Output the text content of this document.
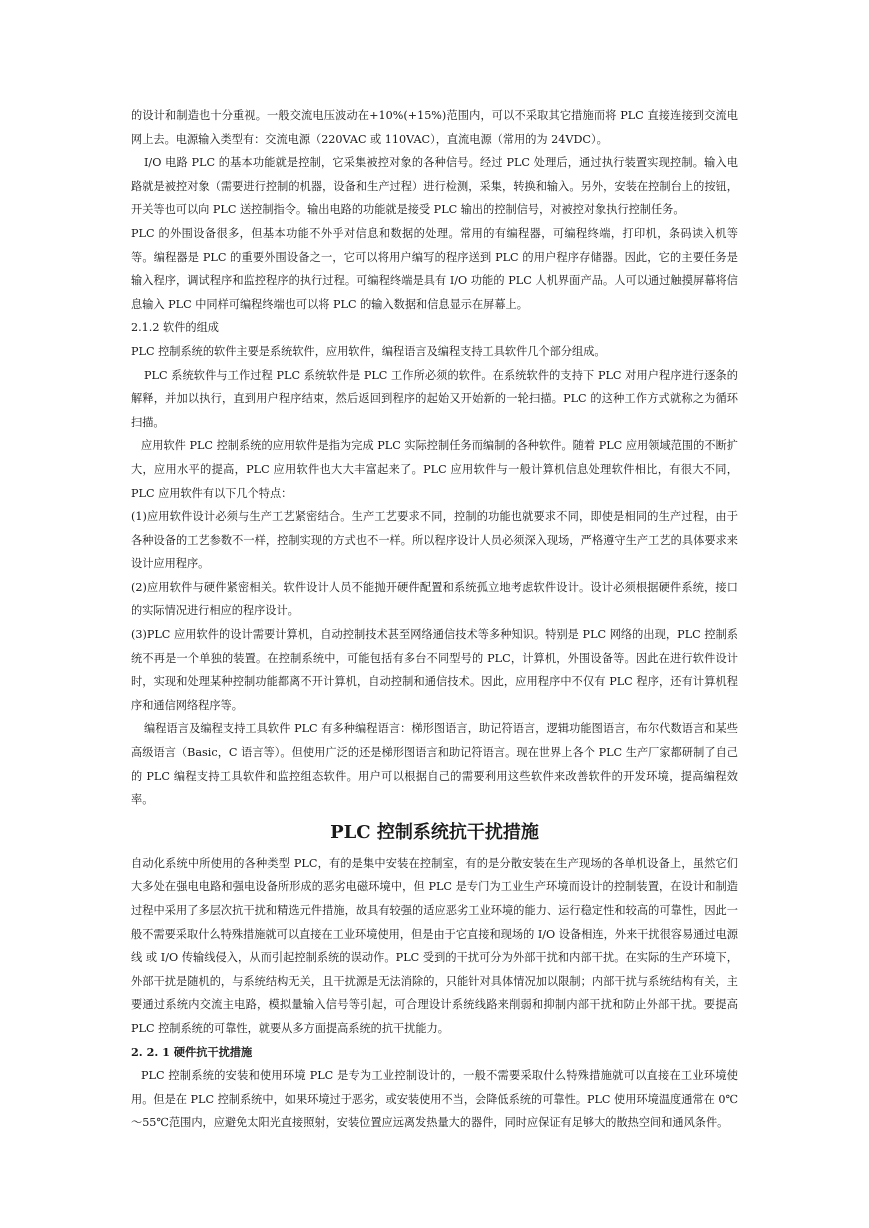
的设计和制造也十分重视。一般交流电压波动在+10%(+15%)范围内，可以不采取其它措施而将 PLC 直接连接到交流电网上去。电源输入类型有：交流电源（220VAC 或 110VAC），直流电源（常用的为 24VDC）。

I/O 电路 PLC 的基本功能就是控制，它采集被控对象的各种信号。经过 PLC 处理后，通过执行装置实现控制。输入电路就是被控对象（需要进行控制的机器，设备和生产过程）进行检测，采集，转换和输入。另外，安装在控制台上的按钮，开关等也可以向 PLC 送控制指令。输出电路的功能就是接受 PLC 输出的控制信号，对被控对象执行控制任务。

PLC 的外围设备很多，但基本功能不外乎对信息和数据的处理。常用的有编程器，可编程终端，打印机，条码读入机等等。编程器是 PLC 的重要外围设备之一，它可以将用户编写的程序送到 PLC 的用户程序存储器。因此，它的主要任务是输入程序，调试程序和监控程序的执行过程。可编程终端是具有 I/O 功能的 PLC 人机界面产品。人可以通过触摸屏幕将信息输入 PLC 中同样可编程终端也可以将 PLC 的输入数据和信息显示在屏幕上。

2.1.2 软件的组成

PLC 控制系统的软件主要是系统软件，应用软件，编程语言及编程支持工具软件几个部分组成。

PLC 系统软件与工作过程 PLC 系统软件是 PLC 工作所必须的软件。在系统软件的支持下 PLC 对用户程序进行逐条的解释，并加以执行，直到用户程序结束，然后返回到程序的起始又开始新的一轮扫描。PLC 的这种工作方式就称之为循环扫描。

应用软件 PLC 控制系统的应用软件是指为完成 PLC 实际控制任务而编制的各种软件。随着 PLC 应用领域范围的不断扩大，应用水平的提高，PLC 应用软件也大大丰富起来了。PLC 应用软件与一般计算机信息处理软件相比，有很大不同，PLC 应用软件有以下几个特点：

(1)应用软件设计必须与生产工艺紧密结合。生产工艺要求不同，控制的功能也就要求不同，即使是相同的生产过程，由于各种设备的工艺参数不一样，控制实现的方式也不一样。所以程序设计人员必须深入现场，严格遵守生产工艺的具体要求来设计应用程序。

(2)应用软件与硬件紧密相关。软件设计人员不能抛开硬件配置和系统孤立地考虑软件设计。设计必须根据硬件系统，接口的实际情况进行相应的程序设计。

(3)PLC 应用软件的设计需要计算机，自动控制技术甚至网络通信技术等多种知识。特别是 PLC 网络的出现，PLC 控制系统不再是一个单独的装置。在控制系统中，可能包括有多台不同型号的 PLC，计算机，外围设备等。因此在进行软件设计时，实现和处理某种控制功能都离不开计算机，自动控制和通信技术。因此，应用程序中不仅有 PLC 程序，还有计算机程序和通信网络程序等。

编程语言及编程支持工具软件 PLC 有多种编程语言：梯形图语言，助记符语言，逻辑功能图语言，布尔代数语言和某些高级语言（Basic，C 语言等）。但使用广泛的还是梯形图语言和助记符语言。现在世界上各个 PLC 生产厂家都研制了自己的 PLC 编程支持工具软件和监控组态软件。用户可以根据自己的需要利用这些软件来改善软件的开发环境，提高编程效率。

PLC 控制系统抗干扰措施

自动化系统中所使用的各种类型 PLC，有的是集中安装在控制室，有的是分散安装在生产现场的各单机设备上，虽然它们大多处在强电电路和强电设备所形成的恶劣电磁环境中，但 PLC 是专门为工业生产环境而设计的控制装置，在设计和制造过程中采用了多层次抗干扰和精选元件措施，故具有较强的适应恶劣工业环境的能力、运行稳定性和较高的可靠性，因此一般不需要采取什么特殊措施就可以直接在工业环境使用，但是由于它直接和现场的 I/O 设备相连，外来干扰很容易通过电源线 或 I/O 传输线侵入，从而引起控制系统的误动作。PLC 受到的干扰可分为外部干扰和内部干扰。在实际的生产环境下，外部干扰是随机的，与系统结构无关，且干扰源是无法消除的，只能针对具体情况加以限制；内部干扰与系统结构有关，主要通过系统内交流主电路，模拟量输入信号等引起，可合理设计系统线路来削弱和抑制内部干扰和防止外部干扰。要提高 PLC 控制系统的可靠性，就要从多方面提高系统的抗干扰能力。

2. 2. 1 硬件抗干扰措施

PLC 控制系统的安装和使用环境 PLC 是专为工业控制设计的，一般不需要采取什么特殊措施就可以直接在工业环境使用。但是在 PLC 控制系统中，如果环境过于恶劣，或安装使用不当，会降低系统的可靠性。PLC 使用环境温度通常在 0℃ ～55℃范围内，应避免太阳光直接照射，安装位置应远离发热量大的器件，同时应保证有足够大的散热空间和通风条件。
